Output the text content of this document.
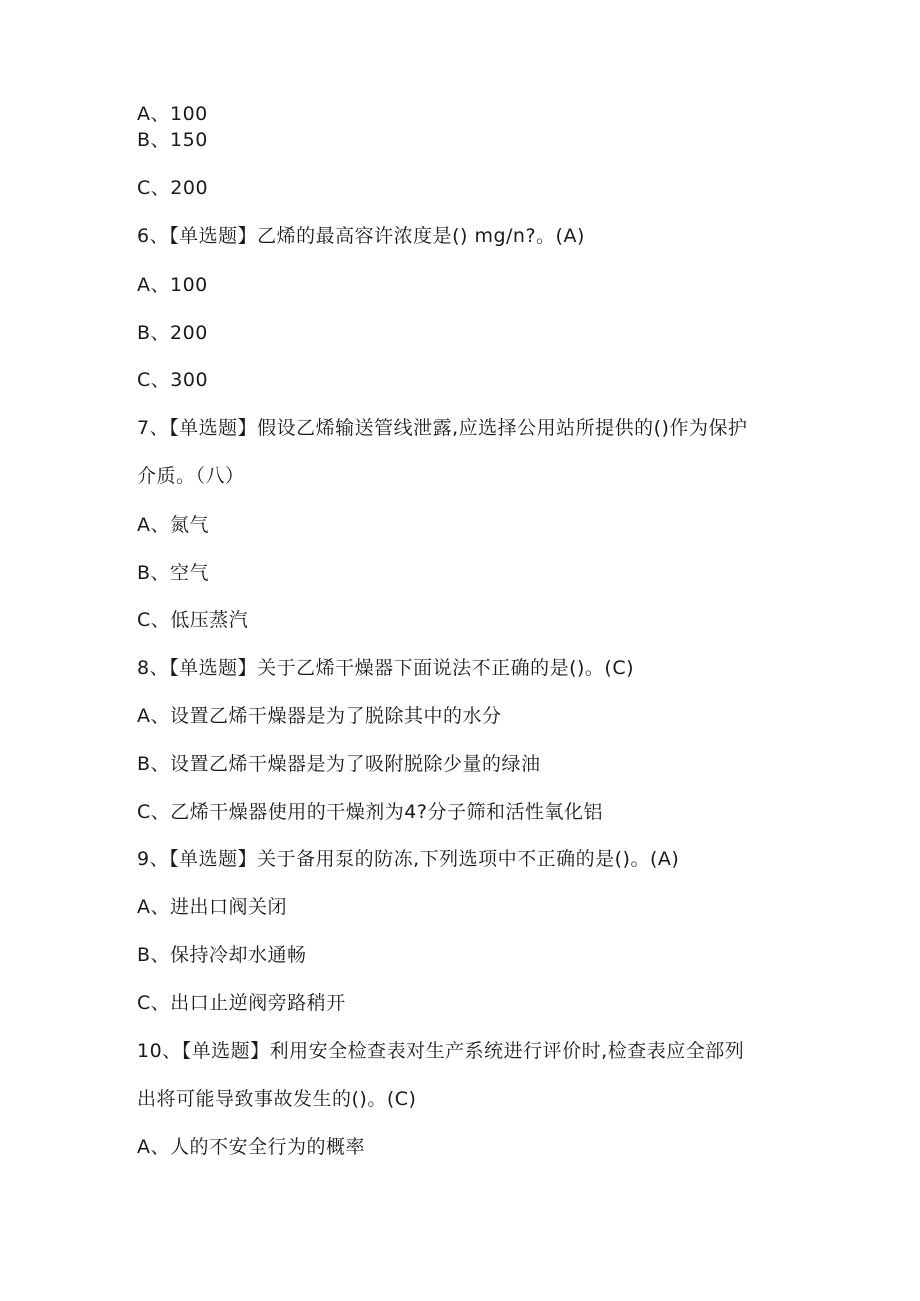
A、100

B、150

C、200

6、【单选题】乙烯的最高容许浓度是() mg/n?。(A)

A、100

B、200

C、300

7、【单选题】假设乙烯输送管线泄露,应选择公用站所提供的()作为保护

介质。（八）

A、氮气

B、空气

C、低压蒸汽

8、【单选题】关于乙烯干燥器下面说法不正确的是()。(C)

A、设置乙烯干燥器是为了脱除其中的水分

B、设置乙烯干燥器是为了吸附脱除少量的绿油

C、乙烯干燥器使用的干燥剂为4?分子筛和活性氧化铝

9、【单选题】关于备用泵的防冻,下列选项中不正确的是()。(A)

A、进出口阀关闭

B、保持冷却水通畅

C、出口止逆阀旁路稍开

10、【单选题】利用安全检查表对生产系统进行评价时,检查表应全部列

出将可能导致事故发生的()。(C)

A、人的不安全行为的概率
